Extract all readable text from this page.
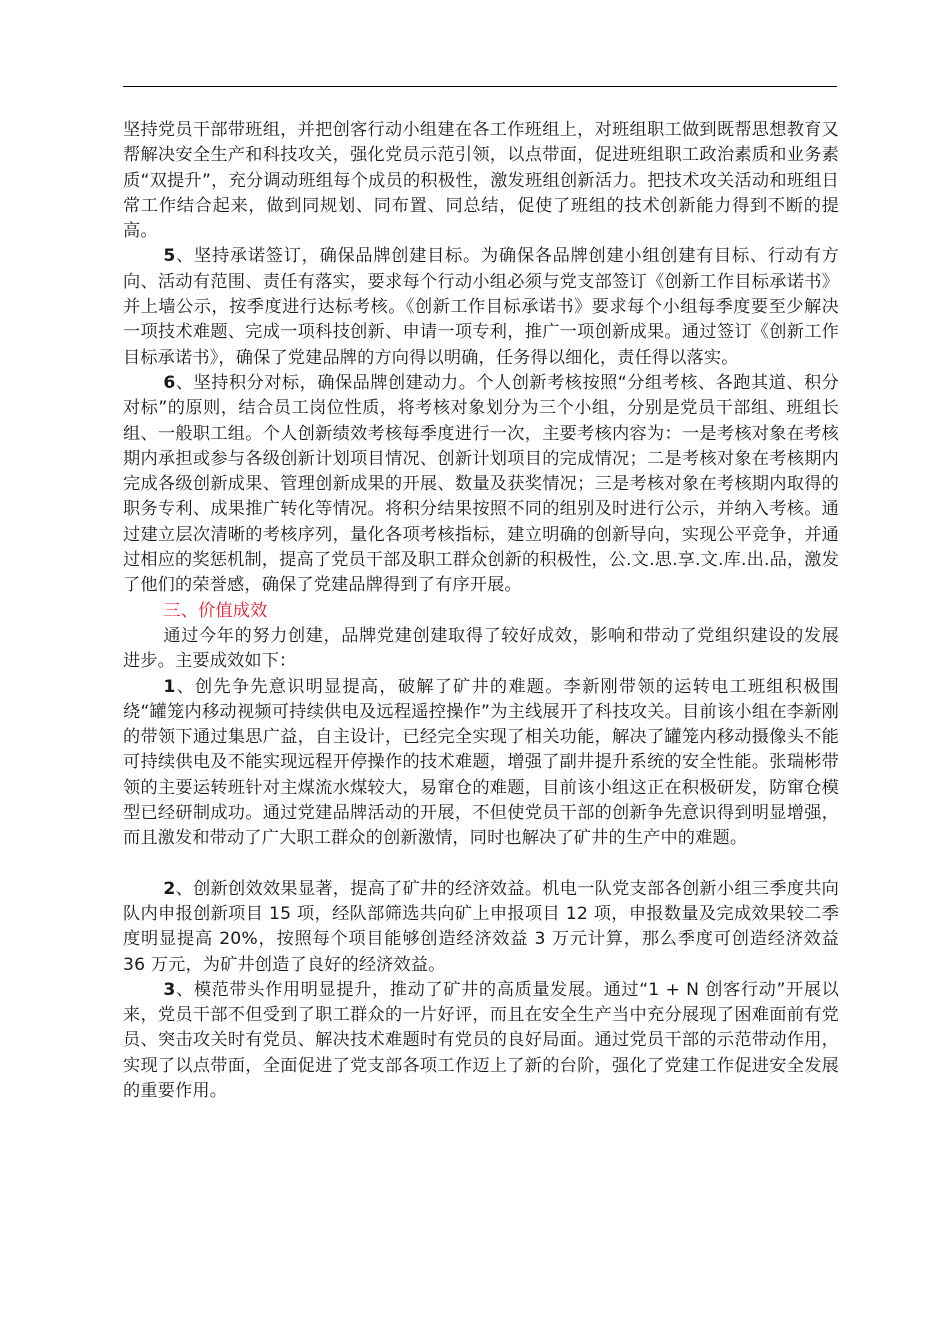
坚持党员干部带班组，并把创客行动小组建在各工作班组上，对班组职工做到既帮思想教育又帮解决安全生产和科技攻关，强化党员示范引领，以点带面，促进班组职工政治素质和业务素质“双提升”，充分调动班组每个成员的积极性，激发班组创新活力。把技术攻关活动和班组日常工作结合起来，做到同规划、同布置、同总结，促使了班组的技术创新能力得到不断的提高。

5、坚持承诺签订，确保品牌创建目标。为确保各品牌创建小组创建有目标、行动有方向、活动有范围、责任有落实，要求每个行动小组必须与党支部签订《创新工作目标承诺书》并上墙公示，按季度进行达标考核。《创新工作目标承诺书》要求每个小组每季度要至少解决一项技术难题、完成一项科技创新、申请一项专利，推广一项创新成果。通过签订《创新工作目标承诺书》，确保了党建品牌的方向得以明确，任务得以细化，责任得以落实。

6、坚持积分对标，确保品牌创建动力。个人创新考核按照“分组考核、各跑其道、积分对标”的原则，结合员工岗位性质，将考核对象划分为三个小组，分别是党员干部组、班组长组、一般职工组。个人创新绩效考核每季度进行一次，主要考核内容为：一是考核对象在考核期内承担或参与各级创新计划项目情况、创新计划项目的完成情况；二是考核对象在考核期内完成各级创新成果、管理创新成果的开展、数量及获奖情况；三是考核对象在考核期内取得的职务专利、成果推广转化等情况。将积分结果按照不同的组别及时进行公示，并纳入考核。通过建立层次清晰的考核序列，量化各项考核指标，建立明确的创新导向，实现公平竞争，并通过相应的奖惩机制，提高了党员干部及职工群众创新的积极性，公.文.思.享.文.库.出.品，激发了他们的荣誉感，确保了党建品牌得到了有序开展。

三、价值成效

通过今年的努力创建，品牌党建创建取得了较好成效，影响和带动了党组织建设的发展进步。主要成效如下：

1、创先争先意识明显提高，破解了矿井的难题。李新刚带领的运转电工班组积极围绕“罐笼内移动视频可持续供电及远程遥控操作”为主线展开了科技攻关。目前该小组在李新刚的带领下通过集思广益，自主设计，已经完全实现了相关功能，解决了罐笼内移动摄像头不能可持续供电及不能实现远程开停操作的技术难题，增强了副井提升系统的安全性能。张瑞彬带领的主要运转班针对主煤流水煤较大，易窜仓的难题，目前该小组这正在积极研发，防窜仓模型已经研制成功。通过党建品牌活动的开展，不但使党员干部的创新争先意识得到明显增强，而且激发和带动了广大职工群众的创新激情，同时也解决了矿井的生产中的难题。

2、创新创效效果显著，提高了矿井的经济效益。机电一队党支部各创新小组三季度共向队内申报创新项目 15 项，经队部筛选共向矿上申报项目 12 项，申报数量及完成效果较二季度明显提高 20%，按照每个项目能够创造经济效益 3 万元计算，那么季度可创造经济效益 36 万元，为矿井创造了良好的经济效益。

3、模范带头作用明显提升，推动了矿井的高质量发展。通过“1 + N 创客行动”开展以来，党员干部不但受到了职工群众的一片好评，而且在安全生产当中充分展现了困难面前有党员、突击攻关时有党员、解决技术难题时有党员的良好局面。通过党员干部的示范带动作用，实现了以点带面，全面促进了党支部各项工作迈上了新的台阶，强化了党建工作促进安全发展的重要作用。
